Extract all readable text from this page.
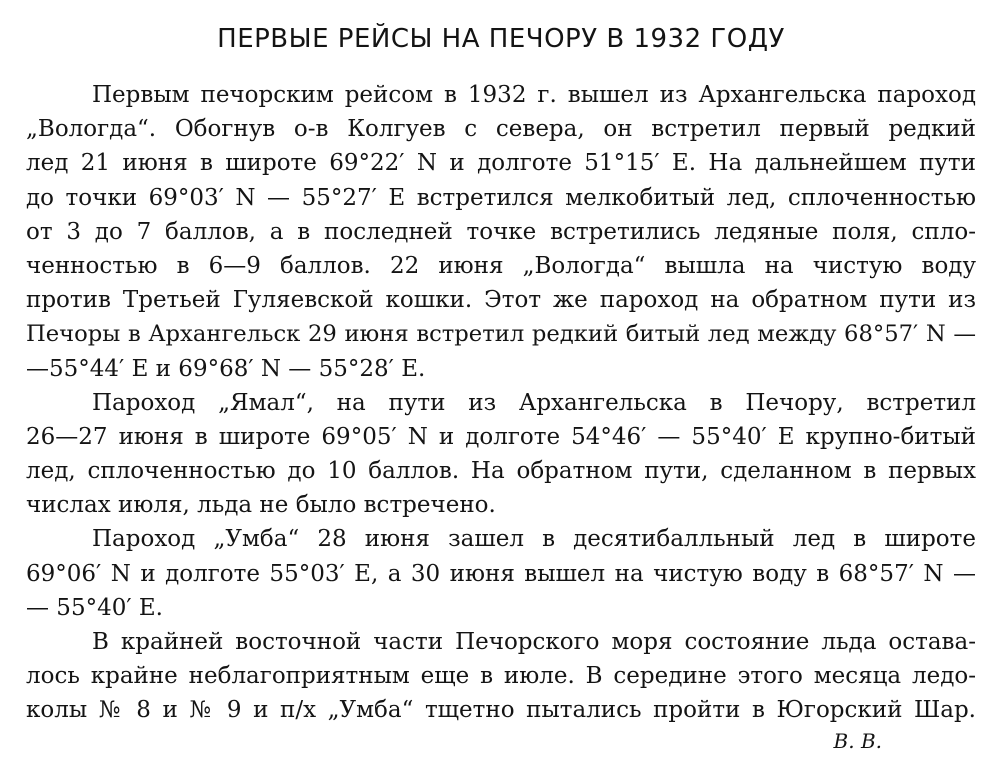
ПЕРВЫЕ РЕЙСЫ НА ПЕЧОРУ В 1932 ГОДУ
Первым печорским рейсом в 1932 г. вышел из Архангельска пароход
„Вологда“. Обогнув о-в Колгуев с севера, он встретил первый редкий
лед 21 июня в широте 69°22′ N и долготе 51°15′ E. На дальнейшем пути
до точки 69°03′ N — 55°27′ E встретился мелкобитый лед, сплоченностью
от 3 до 7 баллов, а в последней точке встретились ледяные поля, спло-
ченностью в 6—9 баллов. 22 июня „Вологда“ вышла на чистую воду
против Третьей Гуляевской кошки. Этот же пароход на обратном пути из
Печоры в Архангельск 29 июня встретил редкий битый лед между 68°57′ N —
—55°44′ E и 69°68′ N — 55°28′ E.
Пароход „Ямал“, на пути из Архангельска в Печору, встретил
26—27 июня в широте 69°05′ N и долготе 54°46′ — 55°40′ E крупно-битый
лед, сплоченностью до 10 баллов. На обратном пути, сделанном в первых
числах июля, льда не было встречено.
Пароход „Умба“ 28 июня зашел в десятибалльный лед в широте
69°06′ N и долготе 55°03′ E, а 30 июня вышел на чистую воду в 68°57′ N —
— 55°40′ E.
В крайней восточной части Печорского моря состояние льда остава-
лось крайне неблагоприятным еще в июле. В середине этого месяца ледо-
колы № 8 и № 9 и п/х „Умба“ тщетно пытались пройти в Югорский Шар.
В. В.
